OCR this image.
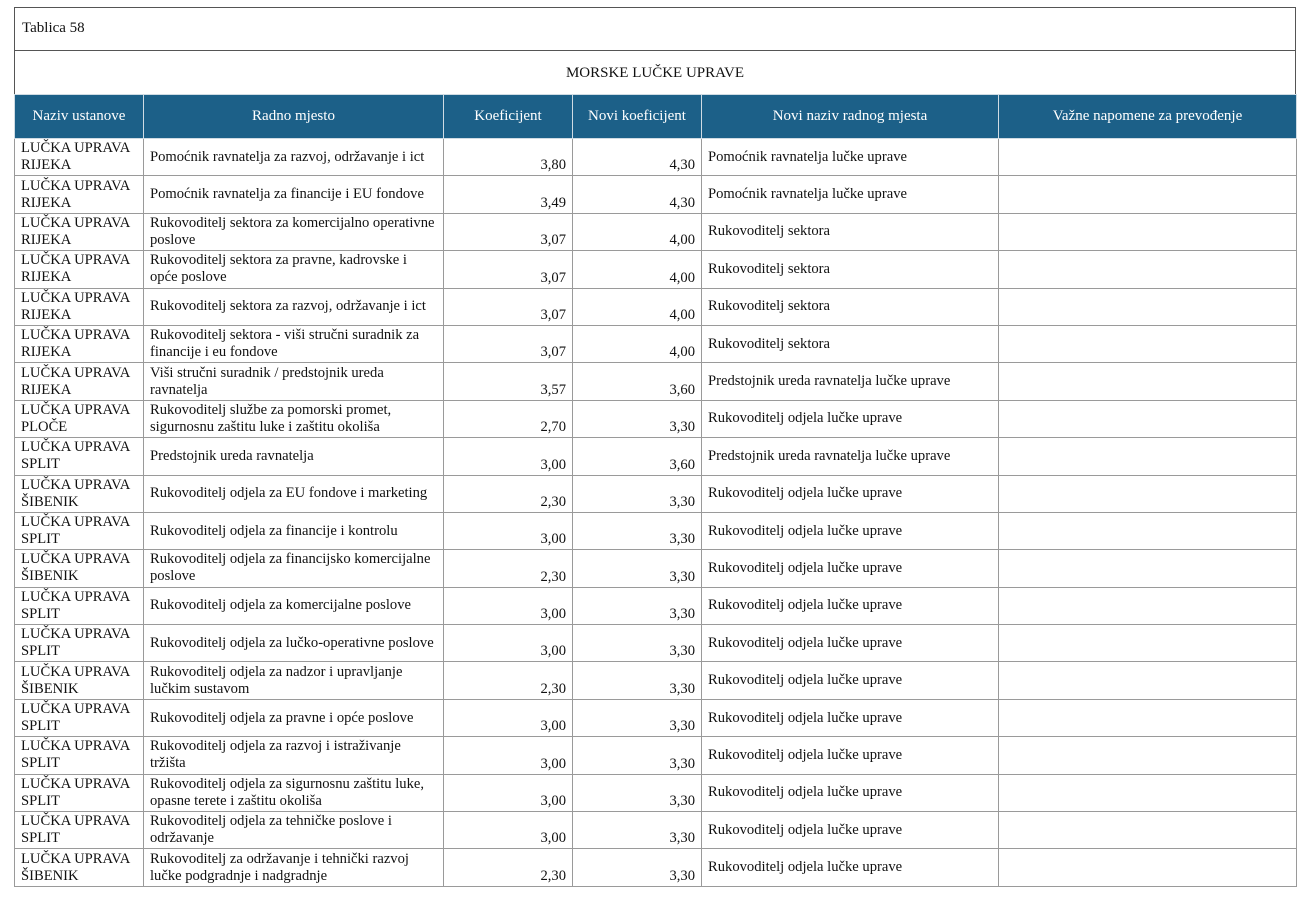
Tablica 58
MORSKE LUČKE UPRAVE
Naziv ustanove	Radno mjesto	Koeficijent	Novi koeficijent	Novi naziv radnog mjesta	Važne napomene za prevođenje
LUČKA UPRAVA RIJEKA	Pomoćnik ravnatelja za razvoj, održavanje i ict	3,80	4,30	Pomoćnik ravnatelja lučke uprave	
LUČKA UPRAVA RIJEKA	Pomoćnik ravnatelja za financije i EU fondove	3,49	4,30	Pomoćnik ravnatelja lučke uprave	
LUČKA UPRAVA RIJEKA	Rukovoditelj sektora za komercijalno operativne poslove	3,07	4,00	Rukovoditelj sektora	
LUČKA UPRAVA RIJEKA	Rukovoditelj sektora za pravne, kadrovske i opće poslove	3,07	4,00	Rukovoditelj sektora	
LUČKA UPRAVA RIJEKA	Rukovoditelj sektora za razvoj, održavanje i ict	3,07	4,00	Rukovoditelj sektora	
LUČKA UPRAVA RIJEKA	Rukovoditelj sektora - viši stručni suradnik za financije i eu fondove	3,07	4,00	Rukovoditelj sektora	
LUČKA UPRAVA RIJEKA	Viši stručni suradnik / predstojnik ureda ravnatelja	3,57	3,60	Predstojnik ureda ravnatelja lučke uprave	
LUČKA UPRAVA PLOČE	Rukovoditelj službe za pomorski promet, sigurnosnu zaštitu luke i zaštitu okoliša	2,70	3,30	Rukovoditelj odjela lučke uprave	
LUČKA UPRAVA SPLIT	Predstojnik ureda ravnatelja	3,00	3,60	Predstojnik ureda ravnatelja lučke uprave	
LUČKA UPRAVA ŠIBENIK	Rukovoditelj odjela za EU fondove i marketing	2,30	3,30	Rukovoditelj odjela lučke uprave	
LUČKA UPRAVA SPLIT	Rukovoditelj odjela za financije i kontrolu	3,00	3,30	Rukovoditelj odjela lučke uprave	
LUČKA UPRAVA ŠIBENIK	Rukovoditelj odjela za financijsko komercijalne poslove	2,30	3,30	Rukovoditelj odjela lučke uprave	
LUČKA UPRAVA SPLIT	Rukovoditelj odjela za komercijalne poslove	3,00	3,30	Rukovoditelj odjela lučke uprave	
LUČKA UPRAVA SPLIT	Rukovoditelj odjela za lučko-operativne poslove	3,00	3,30	Rukovoditelj odjela lučke uprave	
LUČKA UPRAVA ŠIBENIK	Rukovoditelj odjela za nadzor i upravljanje lučkim sustavom	2,30	3,30	Rukovoditelj odjela lučke uprave	
LUČKA UPRAVA SPLIT	Rukovoditelj odjela za pravne i opće poslove	3,00	3,30	Rukovoditelj odjela lučke uprave	
LUČKA UPRAVA SPLIT	Rukovoditelj odjela za razvoj i istraživanje tržišta	3,00	3,30	Rukovoditelj odjela lučke uprave	
LUČKA UPRAVA SPLIT	Rukovoditelj odjela za sigurnosnu zaštitu luke, opasne terete i zaštitu okoliša	3,00	3,30	Rukovoditelj odjela lučke uprave	
LUČKA UPRAVA SPLIT	Rukovoditelj odjela za tehničke poslove i održavanje	3,00	3,30	Rukovoditelj odjela lučke uprave	
LUČKA UPRAVA ŠIBENIK	Rukovoditelj za održavanje i tehnički razvoj lučke podgradnje i nadgradnje	2,30	3,30	Rukovoditelj odjela lučke uprave	
